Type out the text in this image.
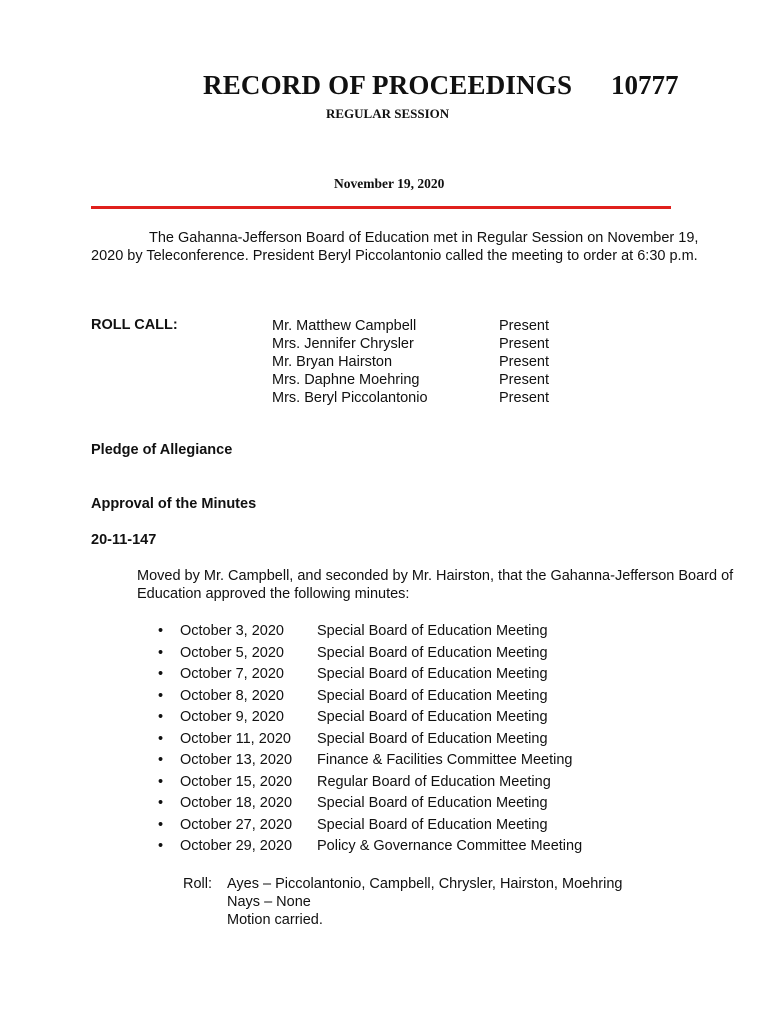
RECORD OF PROCEEDINGS 10777
REGULAR SESSION
November 19, 2020
The Gahanna-Jefferson Board of Education met in Regular Session on November 19, 2020 by Teleconference. President Beryl Piccolantonio called the meeting to order at 6:30 p.m.
ROLL CALL:	Mr. Matthew Campbell
Mrs. Jennifer Chrysler
Mr. Bryan Hairston
Mrs. Daphne Moehring
Mrs. Beryl Piccolantonio
Present
Present
Present
Present
Present
Pledge of Allegiance
Approval of the Minutes
20-11-147
Moved by Mr. Campbell, and seconded by Mr. Hairston, that the Gahanna-Jefferson Board of Education approved the following minutes:
• October 3, 2020 Special Board of Education Meeting
• October 5, 2020 Special Board of Education Meeting
• October 7, 2020 Special Board of Education Meeting
• October 8, 2020 Special Board of Education Meeting
• October 9, 2020 Special Board of Education Meeting
• October 11, 2020 Special Board of Education Meeting
• October 13, 2020 Finance & Facilities Committee Meeting
• October 15, 2020 Regular Board of Education Meeting
• October 18, 2020 Special Board of Education Meeting
• October 27, 2020 Special Board of Education Meeting
• October 29, 2020 Policy & Governance Committee Meeting
Roll: Ayes – Piccolantonio, Campbell, Chrysler, Hairston, Moehring
Nays – None
Motion carried.
